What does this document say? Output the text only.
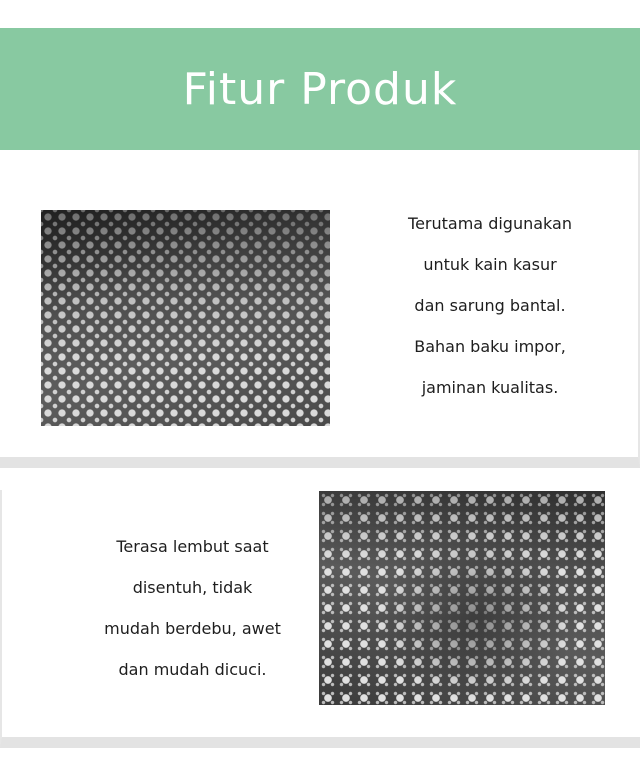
Fitur Produk
Terutama digunakan
untuk kain kasur
dan sarung bantal.
Bahan baku impor,
jaminan kualitas.
Terasa lembut saat
disentuh, tidak
mudah berdebu, awet
dan mudah dicuci.
